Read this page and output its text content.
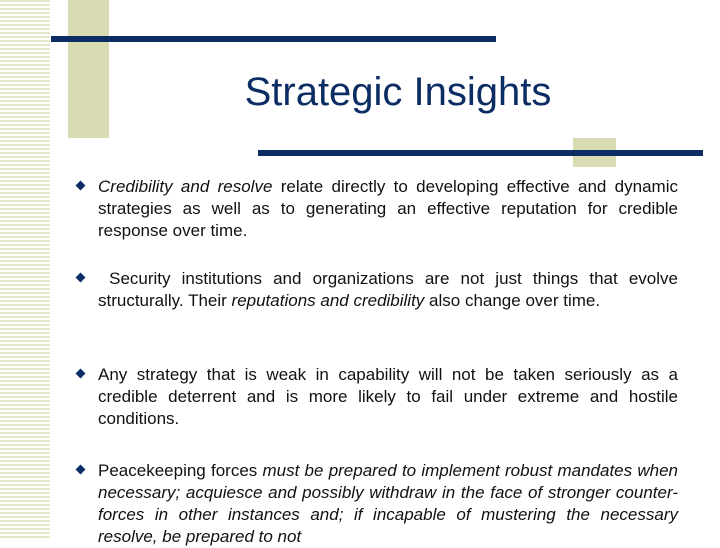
Strategic Insights

Credibility and resolve relate directly to developing effective and dynamic strategies as well as to generating an effective reputation for credible response over time.

Security institutions and organizations are not just things that evolve structurally. Their reputations and credibility also change over time.

Any strategy that is weak in capability will not be taken seriously as a credible deterrent and is more likely to fail under extreme and hostile conditions.

Peacekeeping forces must be prepared to implement robust mandates when necessary; acquiesce and possibly withdraw in the face of stronger counter-forces in other instances and; if incapable of mustering the necessary resolve, be prepared to not
